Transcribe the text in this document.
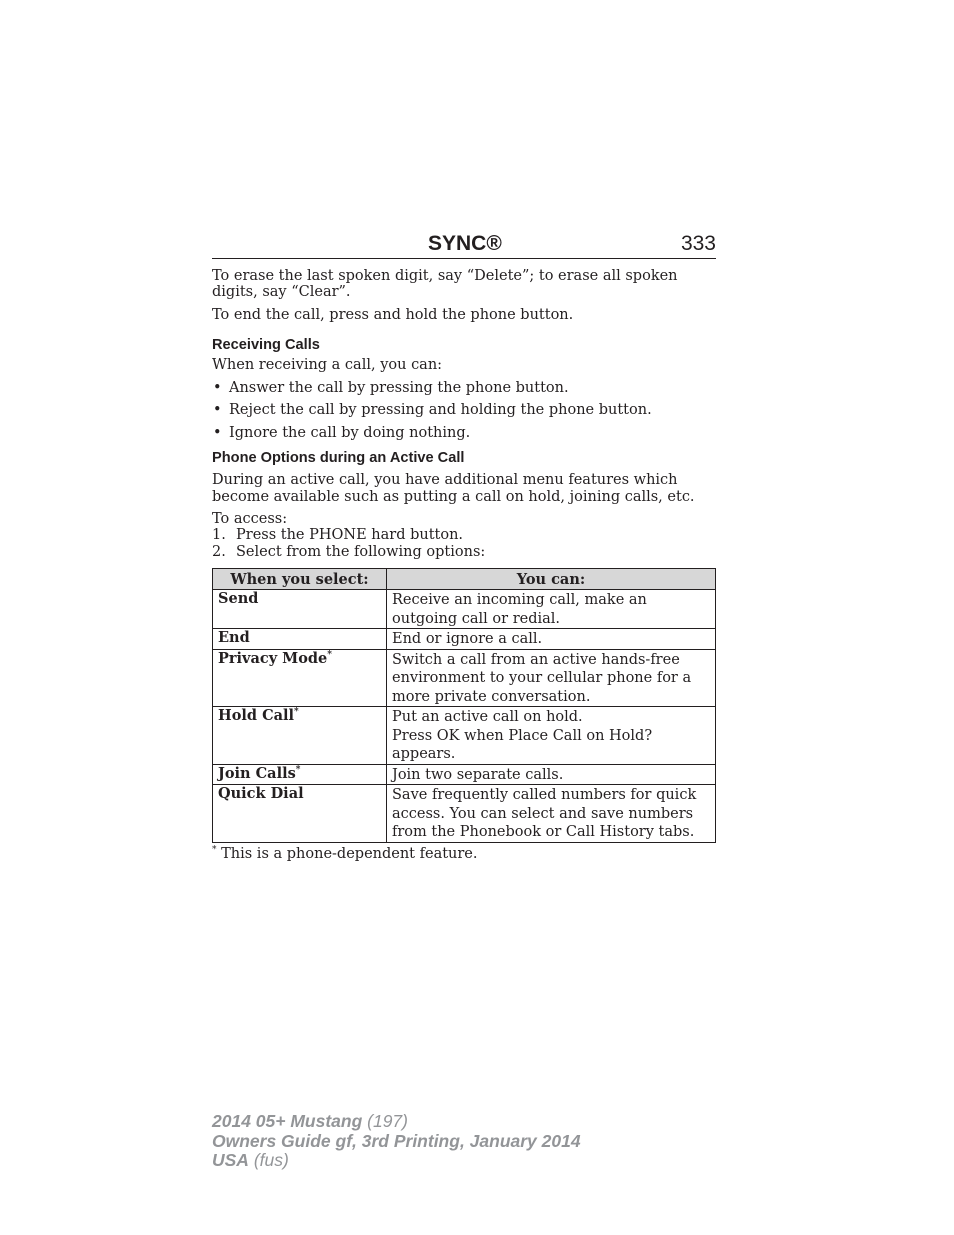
SYNC®	333

To erase the last spoken digit, say “Delete”; to erase all spoken digits, say “Clear”.

To end the call, press and hold the phone button.

Receiving Calls

When receiving a call, you can:

• Answer the call by pressing the phone button.
• Reject the call by pressing and holding the phone button.
• Ignore the call by doing nothing.
Phone Options during an Active Call

During an active call, you have additional menu features which become available such as putting a call on hold, joining calls, etc.

To access:
1. Press the PHONE hard button.
2. Select from the following options:
When you select:	You can:
Send	Receive an incoming call, make an outgoing call or redial.

End	End or ignore a call.

Privacy Mode*	Switch a call from an active hands-free environment to your cellular phone for a more private conversation.

Hold Call*	Put an active call on hold.
Press OK when Place Call on Hold? appears.

Join Calls*	Join two separate calls.

Quick Dial	Save frequently called numbers for quick access. You can select and save numbers from the Phonebook or Call History tabs.

* This is a phone-dependent feature.

2014 05+ Mustang (197)
Owners Guide gf, 3rd Printing, January 2014
USA (fus)
